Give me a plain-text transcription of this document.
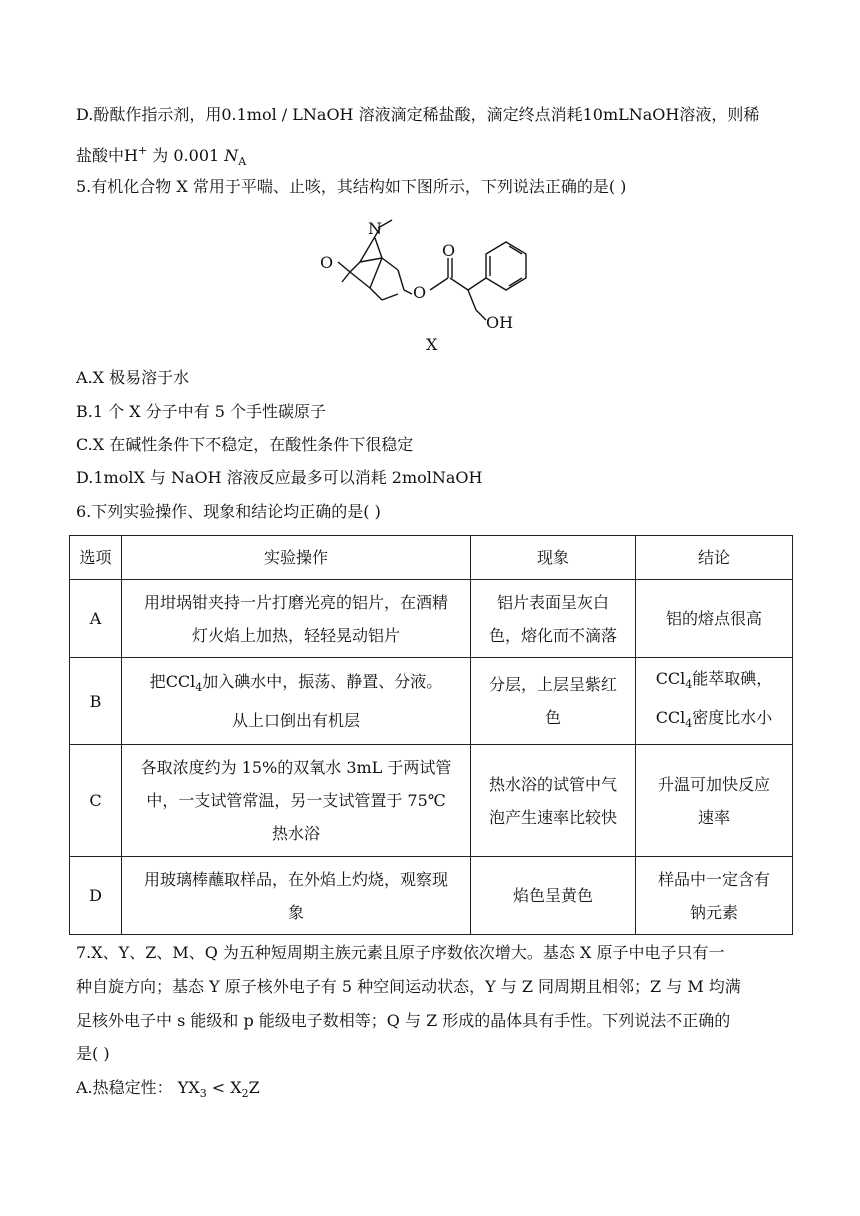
D.酚酞作指示剂，用0.1mol / LNaOH 溶液滴定稀盐酸，滴定终点消耗10mLNaOH溶液，则稀
盐酸中H+ 为 0.001 $N_A$
5.有机化合物 X 常用于平喘、止咳，其结构如下图所示，下列说法正确的是( )
N
O
O
O
OH
X
A.X 极易溶于水
B.1 个 X 分子中有 5 个手性碳原子
C.X 在碱性条件下不稳定，在酸性条件下很稳定
D.1molX 与 NaOH 溶液反应最多可以消耗 2molNaOH
6.下列实验操作、现象和结论均正确的是( )
选项	实验操作	现象	结论
A	用坩埚钳夹持一片打磨光亮的铝片，在酒精
灯火焰上加热，轻轻晃动铝片	铝片表面呈灰白
色，熔化而不滴落	铝的熔点很高

B	把CCl$_4$加入碘水中，振荡、静置、分液。
从上口倒出有机层	分层，上层呈紫红
色	CCl$_4$能萃取碘，
CCl$_4$密度比水小

C	各取浓度约为 15%的双氧水 3mL 于两试管
中，一支试管常温，另一支试管置于 75℃
热水浴	热水浴的试管中气
泡产生速率比较快	升温可加快反应
速率

D	用玻璃棒蘸取样品，在外焰上灼烧，观察现
象	焰色呈黄色	样品中一定含有
钠元素
7.X、Y、Z、M、Q 为五种短周期主族元素且原子序数依次增大。基态 X 原子中电子只有一
种自旋方向；基态 Y 原子核外电子有 5 种空间运动状态，Y 与 Z 同周期且相邻；Z 与 M 均满
足核外电子中 s 能级和 p 能级电子数相等；Q 与 Z 形成的晶体具有手性。下列说法不正确的
是( )
A.热稳定性： $YX_3 < X_2Z$
